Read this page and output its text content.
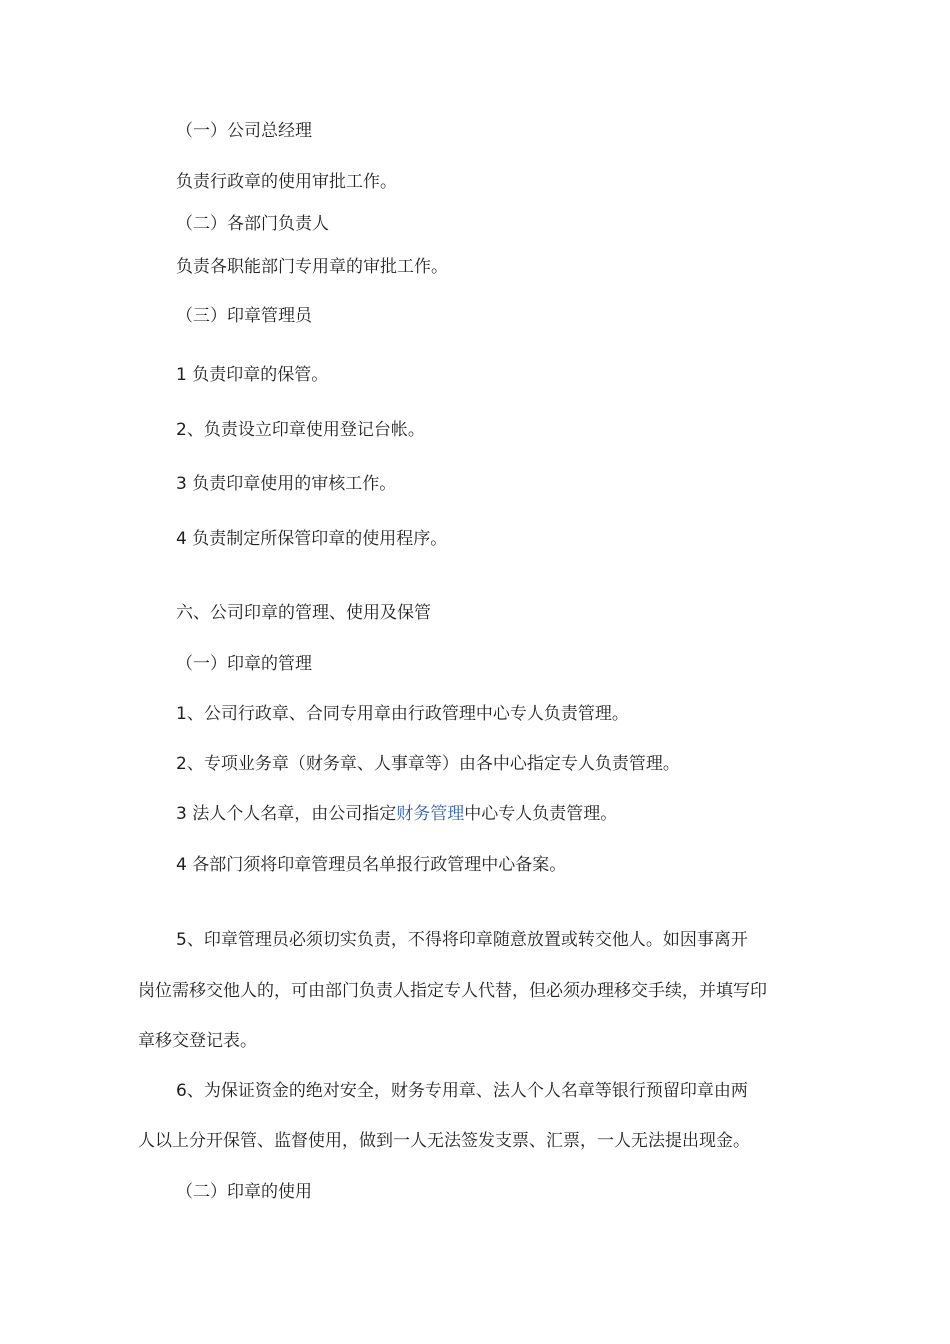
（一）公司总经理
负责行政章的使用审批工作。
（二）各部门负责人
负责各职能部门专用章的审批工作。
（三）印章管理员
1 负责印章的保管。
2、负责设立印章使用登记台帐。
3 负责印章使用的审核工作。
4 负责制定所保管印章的使用程序。
六、公司印章的管理、使用及保管
（一）印章的管理
1、公司行政章、合同专用章由行政管理中心专人负责管理。
2、专项业务章（财务章、人事章等）由各中心指定专人负责管理。
3 法人个人名章，由公司指定财务管理中心专人负责管理。
4 各部门须将印章管理员名单报行政管理中心备案。
5、印章管理员必须切实负责，不得将印章随意放置或转交他人。如因事离开
岗位需移交他人的，可由部门负责人指定专人代替，但必须办理移交手续，并填写印
章移交登记表。
6、为保证资金的绝对安全，财务专用章、法人个人名章等银行预留印章由两
人以上分开保管、监督使用，做到一人无法签发支票、汇票，一人无法提出现金。
（二）印章的使用
